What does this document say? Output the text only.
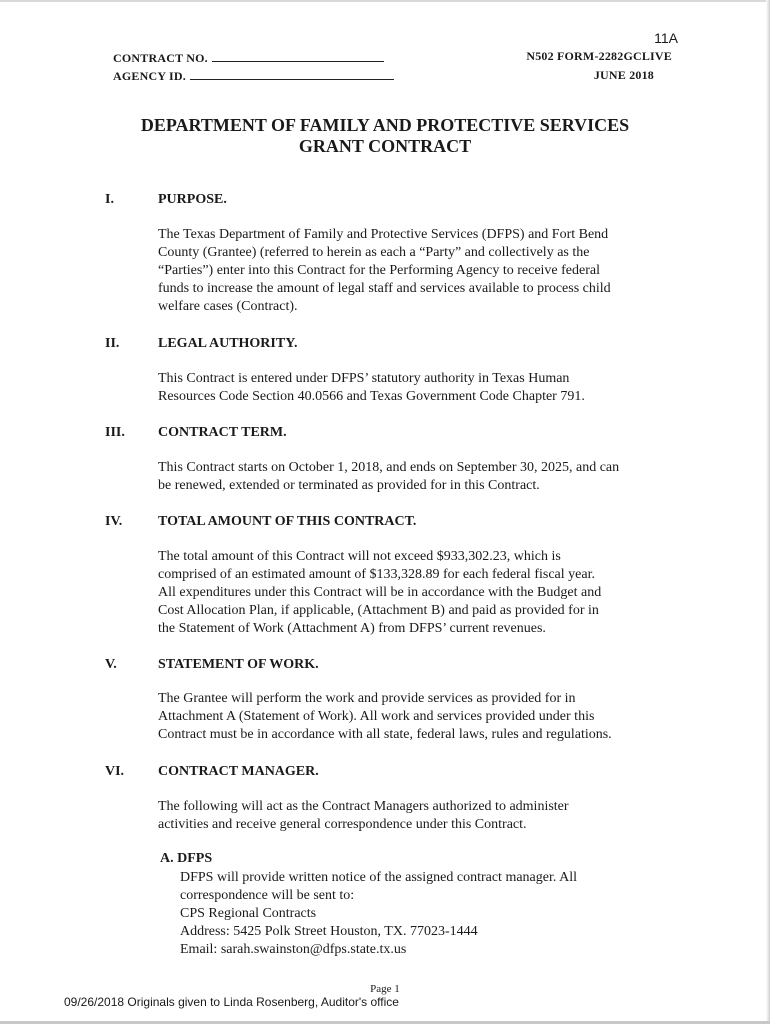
11A
CONTRACT NO.
AGENCY ID.
N502 FORM-2282GCLIVE
JUNE 2018
DEPARTMENT OF FAMILY AND PROTECTIVE SERVICES
GRANT CONTRACT
I.	PURPOSE.
The Texas Department of Family and Protective Services (DFPS) and Fort Bend
County (Grantee) (referred to herein as each a “Party” and collectively as the
“Parties”) enter into this Contract for the Performing Agency to receive federal
funds to increase the amount of legal staff and services available to process child
welfare cases (Contract).
II.	LEGAL AUTHORITY.
This Contract is entered under DFPS’ statutory authority in Texas Human
Resources Code Section 40.0566 and Texas Government Code Chapter 791.
III. CONTRACT TERM.
This Contract starts on October 1, 2018, and ends on September 30, 2025, and can
be renewed, extended or terminated as provided for in this Contract.
IV.	TOTAL AMOUNT OF THIS CONTRACT.
The total amount of this Contract will not exceed $933,302.23, which is
comprised of an estimated amount of $133,328.89 for each federal fiscal year.
All expenditures under this Contract will be in accordance with the Budget and
Cost Allocation Plan, if applicable, (Attachment B) and paid as provided for in
the Statement of Work (Attachment A) from DFPS’ current revenues.
V.	STATEMENT OF WORK.
The Grantee will perform the work and provide services as provided for in
Attachment A (Statement of Work). All work and services provided under this
Contract must be in accordance with all state, federal laws, rules and regulations.
VI. CONTRACT MANAGER.
The following will act as the Contract Managers authorized to administer
activities and receive general correspondence under this Contract.
A. DFPS
DFPS will provide written notice of the assigned contract manager. All
correspondence will be sent to:
CPS Regional Contracts
Address: 5425 Polk Street Houston, TX. 77023-1444
Email: sarah.swainston@dfps.state.tx.us
Page 1
09/26/2018 Originals given to Linda Rosenberg, Auditor's office
